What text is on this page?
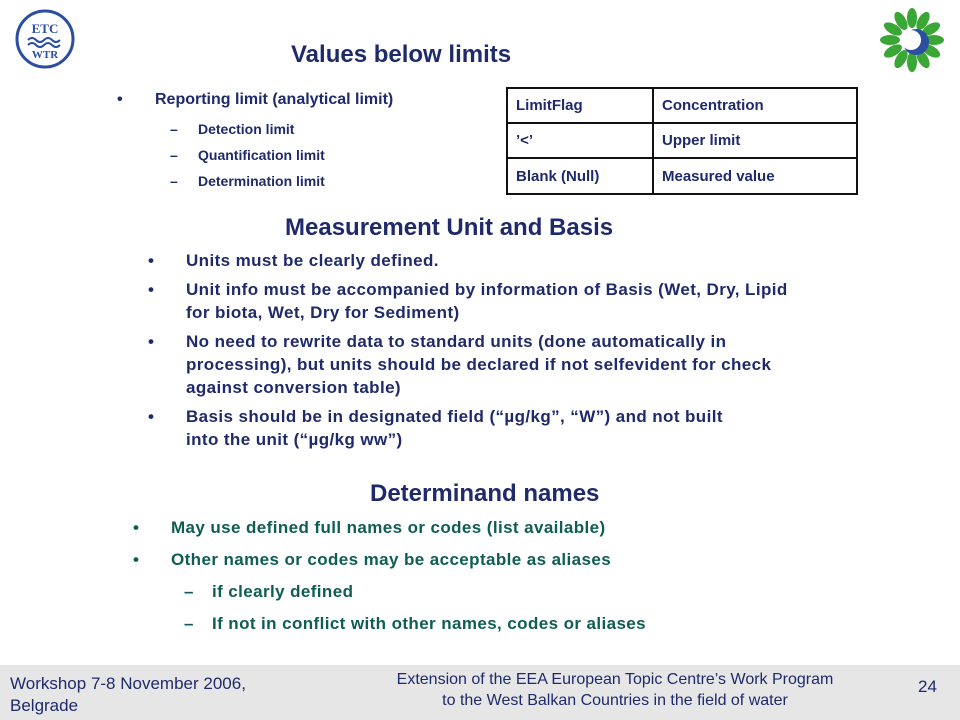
ETC
WTR	Values below limits
• Reporting limit (analytical limit)
– Detection limit
– Quantification limit
– Determination limit
LimitFlag	Concentration
’<’	Upper limit
Blank (Null)	Measured value
Measurement Unit and Basis
• Units must be clearly defined.
• Unit info must be accompanied by information of Basis (Wet, Dry, Lipid for biota, Wet, Dry for Sediment)
• No need to rewrite data to standard units (done automatically in processing), but units should be declared if not selfevident for check against conversion table)
• Basis should be in designated field (“µg/kg”, “W”) and not built into the unit (“µg/kg ww”)
Determinand names
• May use defined full names or codes (list available)
• Other names or codes may be acceptable as aliases
– if clearly defined
– If not in conflict with other names, codes or aliases
Workshop 7-8 November 2006,
Belgrade
Extension of the EEA European Topic Centre’s Work Program
to the West Balkan Countries in the field of water
24
